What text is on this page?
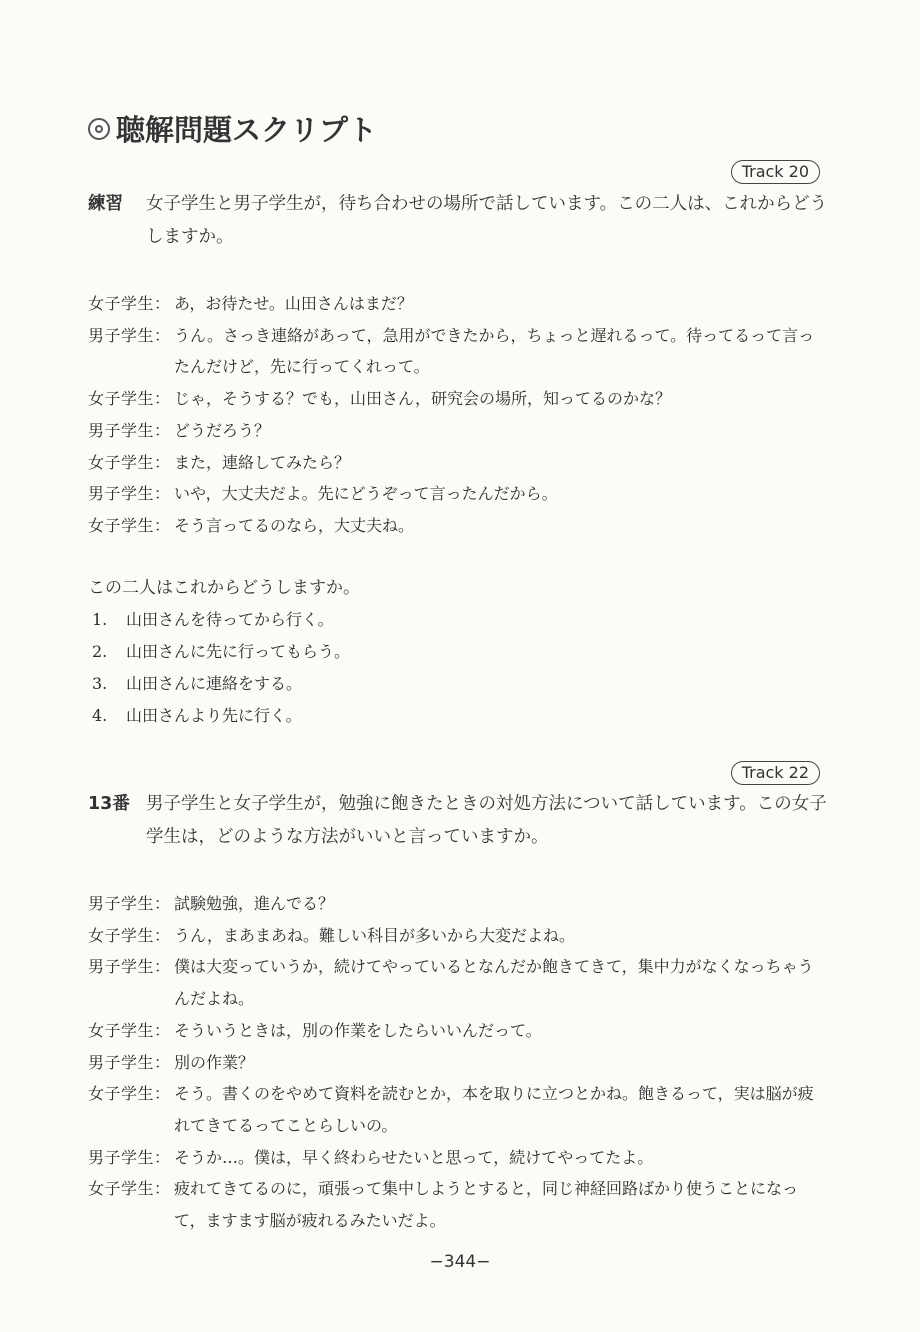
聴解問題スクリプト
Track 20
練習	女子学生と男子学生が，待ち合わせの場所で話しています。この二人は、これからどうしますか。
女子学生： あ，お待たせ。山田さんはまだ？
男子学生： うん。さっき連絡があって，急用ができたから，ちょっと遅れるって。待ってるって言ったんだけど，先に行ってくれって。
女子学生： じゃ，そうする？でも，山田さん，研究会の場所，知ってるのかな？
男子学生： どうだろう？
女子学生： また，連絡してみたら？
男子学生： いや，大丈夫だよ。先にどうぞって言ったんだから。
女子学生： そう言ってるのなら，大丈夫ね。
この二人はこれからどうしますか。
1.	山田さんを待ってから行く。
2.	山田さんに先に行ってもらう。
3.	山田さんに連絡をする。
4.	山田さんより先に行く。
Track 22
13番 男子学生と女子学生が，勉強に飽きたときの対処方法について話しています。この女子学生は，どのような方法がいいと言っていますか。
男子学生： 試験勉強，進んでる？
女子学生： うん，まあまあね。難しい科目が多いから大変だよね。
男子学生： 僕は大変っていうか，続けてやっているとなんだか飽きてきて，集中力がなくなっちゃうんだよね。
女子学生： そういうときは，別の作業をしたらいいんだって。
男子学生： 別の作業？
女子学生： そう。書くのをやめて資料を読むとか，本を取りに立つとかね。飽きるって，実は脳が疲れてきてるってことらしいの。
男子学生： そうか…。僕は，早く終わらせたいと思って，続けてやってたよ。
女子学生： 疲れてきてるのに，頑張って集中しようとすると，同じ神経回路ばかり使うことになって，ますます脳が疲れるみたいだよ。
−344−
